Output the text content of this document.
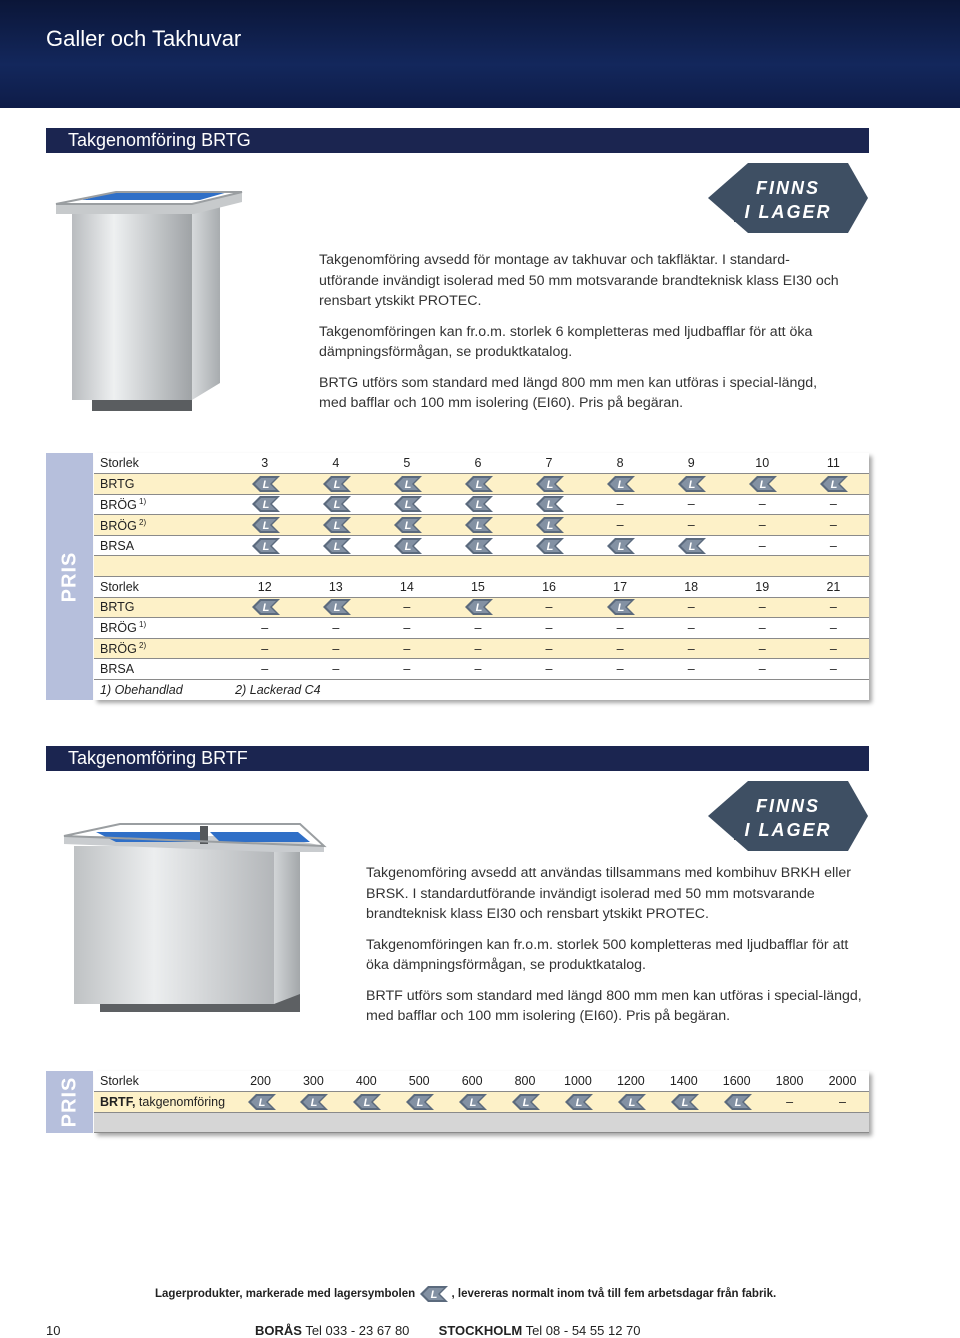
Galler och Takhuvar
Takgenomföring BRTG
FINNS
I LAGER

Takgenomföring avsedd för montage av takhuvar och takfläktar. I standard-utförande invändigt isolerad med 50 mm motsvarande brandteknisk klass EI30 och rensbart ytskikt PROTEC.

Takgenomföringen kan fr.o.m. storlek 6 kompletteras med ljudbafflar för att öka dämpningsförmågan, se produktkatalog.

BRTG utförs som standard med längd 800 mm men kan utföras i special-längd, med bafflar och 100 mm isolering (EI60). Pris på begäran.

PRIS
Storlek	3	4	5	6	7	8	9	10	11
BRTG	L	L	L	L	L	L	L	L	L

BRÖG $^{1)}$	L	L	L	L	L	–	–	–	–
BRÖG $^{2)}$	L	L	L	L	L	–	–	–	–
BRSA	L	L	L	L	L	L	L	–	–

Storlek	12	13	14	15	16	17	18	19	21
BRTG	L	L	–	L	–	L	–	–	–
BRÖG $^{1)}$	–	–	–	–	–	–	–	–	–
BRÖG $^{2)}$	–	–	–	–	–	–	–	–	–
BRSA	–	–	–	–	–	–	–	–	–
1) Obehandlad	2) Lackerad C4								
Takgenomföring BRTF
FINNS
I LAGER

Takgenomföring avsedd att användas tillsammans med kombihuv BRKH eller BRSK. I standardutförande invändigt isolerad med 50 mm motsvarande brandteknisk klass EI30 och rensbart ytskikt PROTEC.

Takgenomföringen kan fr.o.m. storlek 500 kompletteras med ljudbafflar för att öka dämpningsförmågan, se produktkatalog.

BRTF utförs som standard med längd 800 mm men kan utföras i special-längd, med bafflar och 100 mm isolering (EI60). Pris på begäran.

PRIS Storlek	200	300	400	500	600	800	1000	1200	1400	1600	1800	2000
BRTF, takgenomföring	L	L	L	L	L	L	L	L	L	L	–	–

Lagerprodukter, markerade med lagersymbolen L , levereras normalt inom två till fem arbetsdagar från fabrik.
10	BORÅS Tel 033 - 23 67 80 STOCKHOLM Tel 08 - 54 55 12 70
